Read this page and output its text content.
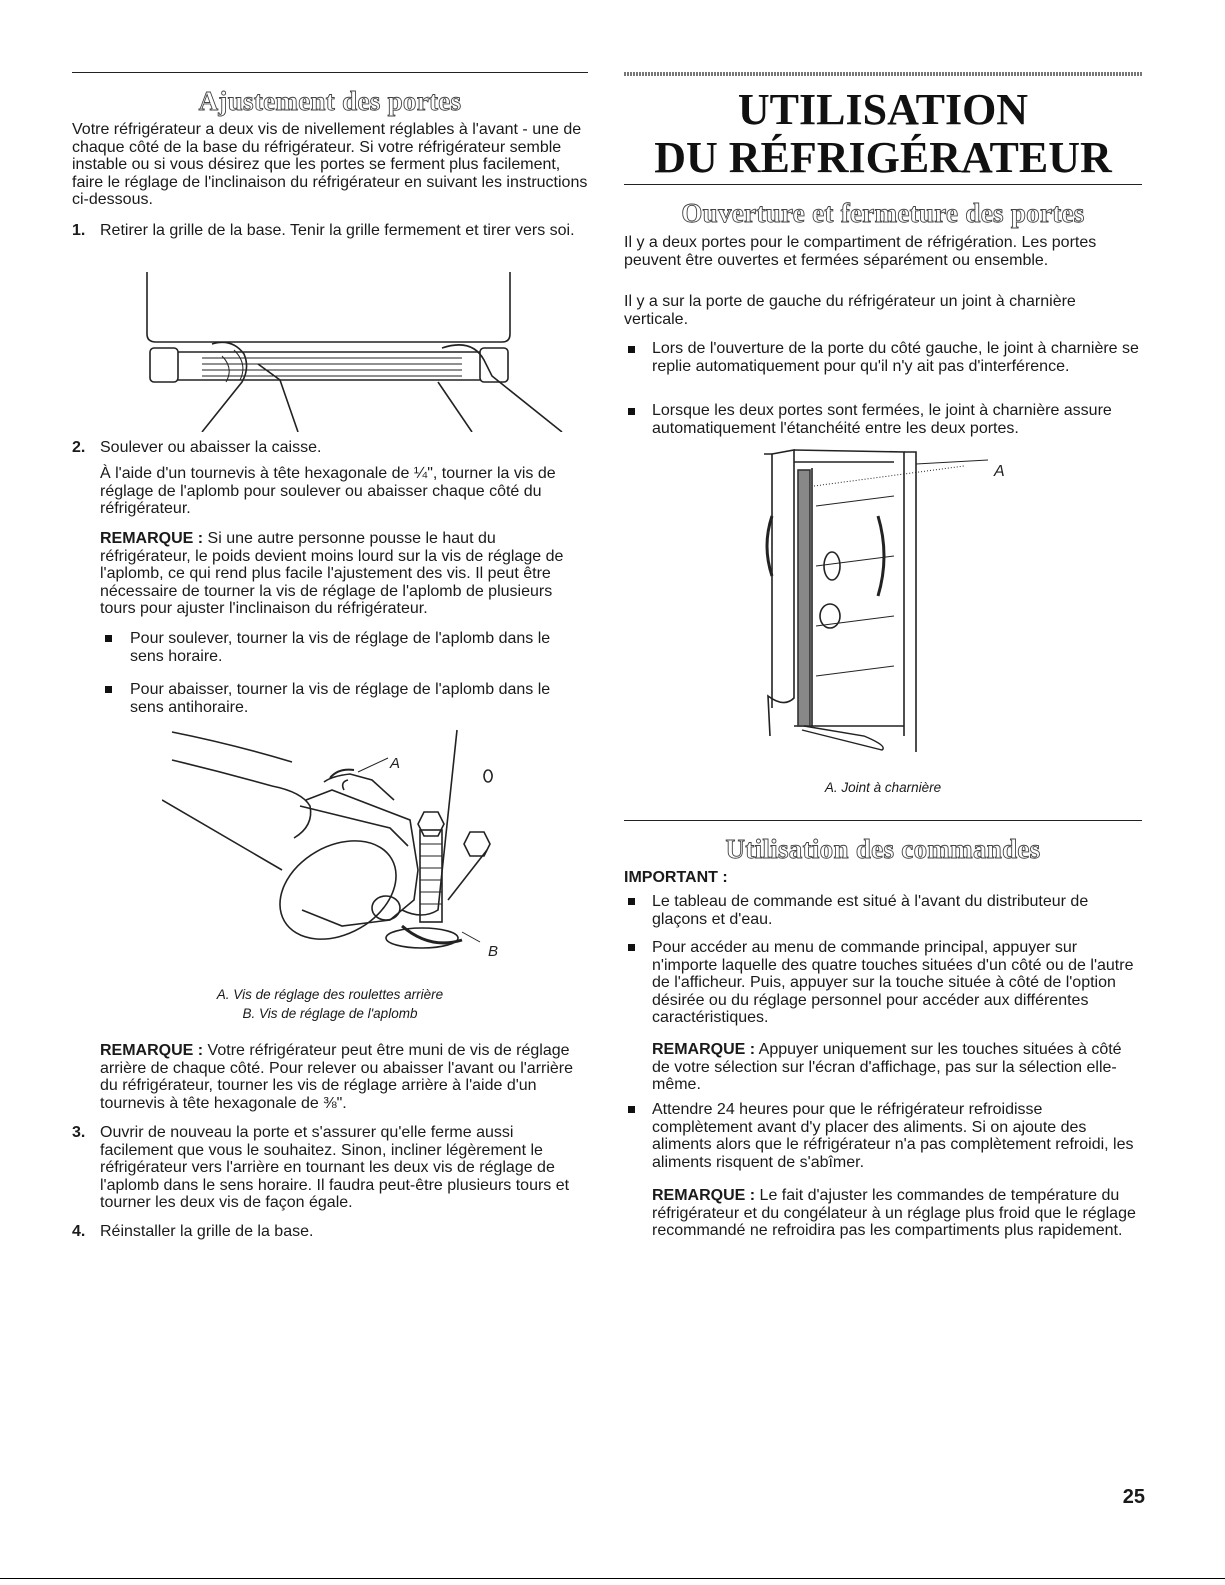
Ajustement des portes

Votre réfrigérateur a deux vis de nivellement réglables à l'avant - une de chaque côté de la base du réfrigérateur. Si votre réfrigérateur semble instable ou si vous désirez que les portes se ferment plus facilement, faire le réglage de l'inclinaison du réfrigérateur en suivant les instructions ci-dessous.

1. Retirer la grille de la base. Tenir la grille fermement et tirer vers soi.

2. Soulever ou abaisser la caisse.

À l'aide d'un tournevis à tête hexagonale de ¼", tourner la vis de réglage de l'aplomb pour soulever ou abaisser chaque côté du réfrigérateur.

REMARQUE : Si une autre personne pousse le haut du réfrigérateur, le poids devient moins lourd sur la vis de réglage de l'aplomb, ce qui rend plus facile l'ajustement des vis. Il peut être nécessaire de tourner la vis de réglage de l'aplomb de plusieurs tours pour ajuster l'inclinaison du réfrigérateur.

Pour soulever, tourner la vis de réglage de l'aplomb dans le sens horaire.

Pour abaisser, tourner la vis de réglage de l'aplomb dans le sens antihoraire.

A
B

A. Vis de réglage des roulettes arrière

B. Vis de réglage de l'aplomb

REMARQUE : Votre réfrigérateur peut être muni de vis de réglage arrière de chaque côté. Pour relever ou abaisser l'avant ou l'arrière du réfrigérateur, tourner les vis de réglage arrière à l'aide d'un tournevis à tête hexagonale de ⅜".

3. Ouvrir de nouveau la porte et s'assurer qu'elle ferme aussi facilement que vous le souhaitez. Sinon, incliner légèrement le réfrigérateur vers l'arrière en tournant les deux vis de réglage de l'aplomb dans le sens horaire. Il faudra peut-être plusieurs tours et tourner les deux vis de façon égale.

4. Réinstaller la grille de la base.

UTILISATION
DU RÉFRIGÉRATEUR
Ouverture et fermeture des portes

Il y a deux portes pour le compartiment de réfrigération. Les portes peuvent être ouvertes et fermées séparément ou ensemble.

Il y a sur la porte de gauche du réfrigérateur un joint à charnière verticale.

Lors de l'ouverture de la porte du côté gauche, le joint à charnière se replie automatiquement pour qu'il n'y ait pas d'interférence.

Lorsque les deux portes sont fermées, le joint à charnière assure automatiquement l'étanchéité entre les deux portes.

A

A. Joint à charnière

Utilisation des commandes

IMPORTANT :

Le tableau de commande est situé à l'avant du distributeur de glaçons et d'eau.

Pour accéder au menu de commande principal, appuyer sur n'importe laquelle des quatre touches situées d'un côté ou de l'autre de l'afficheur. Puis, appuyer sur la touche située à côté de l'option désirée ou du réglage personnel pour accéder aux différentes caractéristiques.

REMARQUE : Appuyer uniquement sur les touches situées à côté de votre sélection sur l'écran d'affichage, pas sur la sélection elle-même.

Attendre 24 heures pour que le réfrigérateur refroidisse complètement avant d'y placer des aliments. Si on ajoute des aliments alors que le réfrigérateur n'a pas complètement refroidi, les aliments risquent de s'abîmer.

REMARQUE : Le fait d'ajuster les commandes de température du réfrigérateur et du congélateur à un réglage plus froid que le réglage recommandé ne refroidira pas les compartiments plus rapidement.

25
